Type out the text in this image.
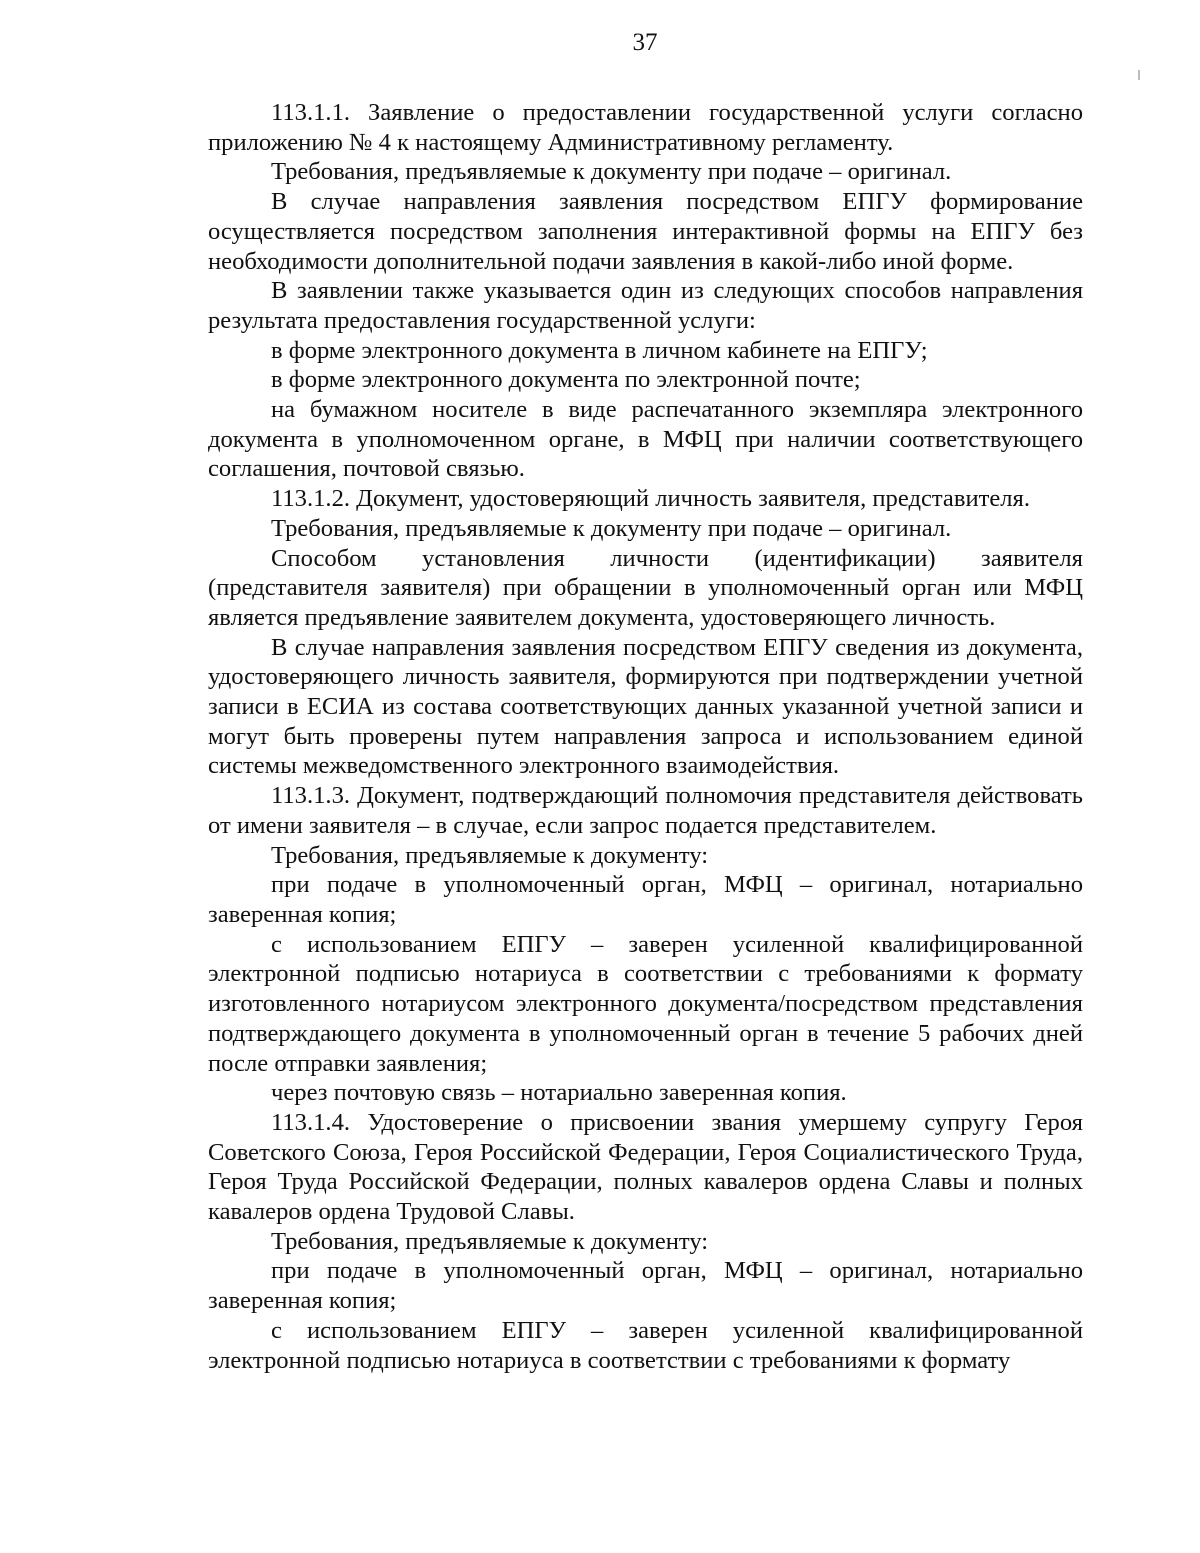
37

113.1.1. Заявление о предоставлении государственной услуги согласно приложению № 4 к настоящему Административному регламенту.

Требования, предъявляемые к документу при подаче – оригинал.

В случае направления заявления посредством ЕПГУ формирование осуществляется посредством заполнения интерактивной формы на ЕПГУ без необходимости дополнительной подачи заявления в какой-либо иной форме.

В заявлении также указывается один из следующих способов направления результата предоставления государственной услуги:

в форме электронного документа в личном кабинете на ЕПГУ;

в форме электронного документа по электронной почте;

на бумажном носителе в виде распечатанного экземпляра электронного документа в уполномоченном органе, в МФЦ при наличии соответствующего соглашения, почтовой связью.

113.1.2. Документ, удостоверяющий личность заявителя, представителя.

Требования, предъявляемые к документу при подаче – оригинал.

Способом установления личности (идентификации) заявителя (представителя заявителя) при обращении в уполномоченный орган или МФЦ является предъявление заявителем документа, удостоверяющего личность.

В случае направления заявления посредством ЕПГУ сведения из документа, удостоверяющего личность заявителя, формируются при подтверждении учетной записи в ЕСИА из состава соответствующих данных указанной учетной записи и могут быть проверены путем направления запроса и использованием единой системы межведомственного электронного взаимодействия.

113.1.3. Документ, подтверждающий полномочия представителя действовать от имени заявителя – в случае, если запрос подается представителем.

Требования, предъявляемые к документу:

при подаче в уполномоченный орган, МФЦ – оригинал, нотариально заверенная копия;

с использованием ЕПГУ – заверен усиленной квалифицированной электронной подписью нотариуса в соответствии с требованиями к формату изготовленного нотариусом электронного документа/посредством представления подтверждающего документа в уполномоченный орган в течение 5 рабочих дней после отправки заявления;

через почтовую связь – нотариально заверенная копия.

113.1.4. Удостоверение о присвоении звания умершему супругу Героя Советского Союза, Героя Российской Федерации, Героя Социалистического Труда, Героя Труда Российской Федерации, полных кавалеров ордена Славы и полных кавалеров ордена Трудовой Славы.

Требования, предъявляемые к документу:

при подаче в уполномоченный орган, МФЦ – оригинал, нотариально заверенная копия;

с использованием ЕПГУ – заверен усиленной квалифицированной электронной подписью нотариуса в соответствии с требованиями к формату
